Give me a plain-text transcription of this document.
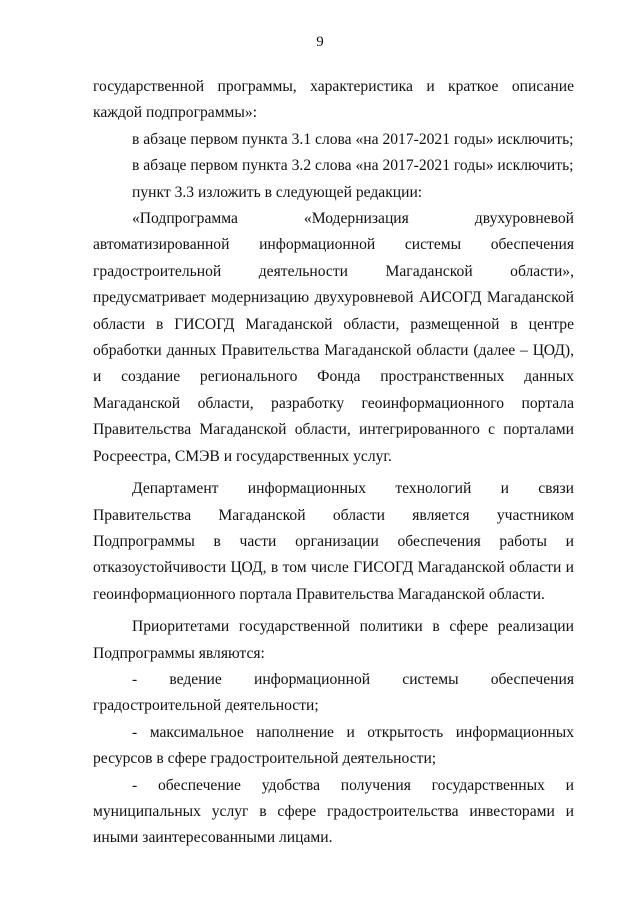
9

государственной программы, характеристика и краткое описание каждой подпрограммы»:

в абзаце первом пункта 3.1 слова «на 2017-2021 годы» исключить;

в абзаце первом пункта 3.2 слова «на 2017-2021 годы» исключить;

пункт 3.3 изложить в следующей редакции:

«Подпрограмма «Модернизация двухуровневой автоматизированной информационной системы обеспечения градостроительной деятельности Магаданской области», предусматривает модернизацию двухуровневой АИСОГД Магаданской области в ГИСОГД Магаданской области, размещенной в центре обработки данных Правительства Магаданской области (далее – ЦОД), и создание регионального Фонда пространственных данных Магаданской области, разработку геоинформационного портала Правительства Магаданской области, интегрированного с порталами Росреестра, СМЭВ и государственных услуг.

Департамент информационных технологий и связи Правительства Магаданской области является участником Подпрограммы в части организации обеспечения работы и отказоустойчивости ЦОД, в том числе ГИСОГД Магаданской области и геоинформационного портала Правительства Магаданской области.

Приоритетами государственной политики в сфере реализации Подпрограммы являются:

- ведение информационной системы обеспечения градостроительной деятельности;

- максимальное наполнение и открытость информационных ресурсов в сфере градостроительной деятельности;

- обеспечение удобства получения государственных и муниципальных услуг в сфере градостроительства инвесторами и иными заинтересованными лицами.
